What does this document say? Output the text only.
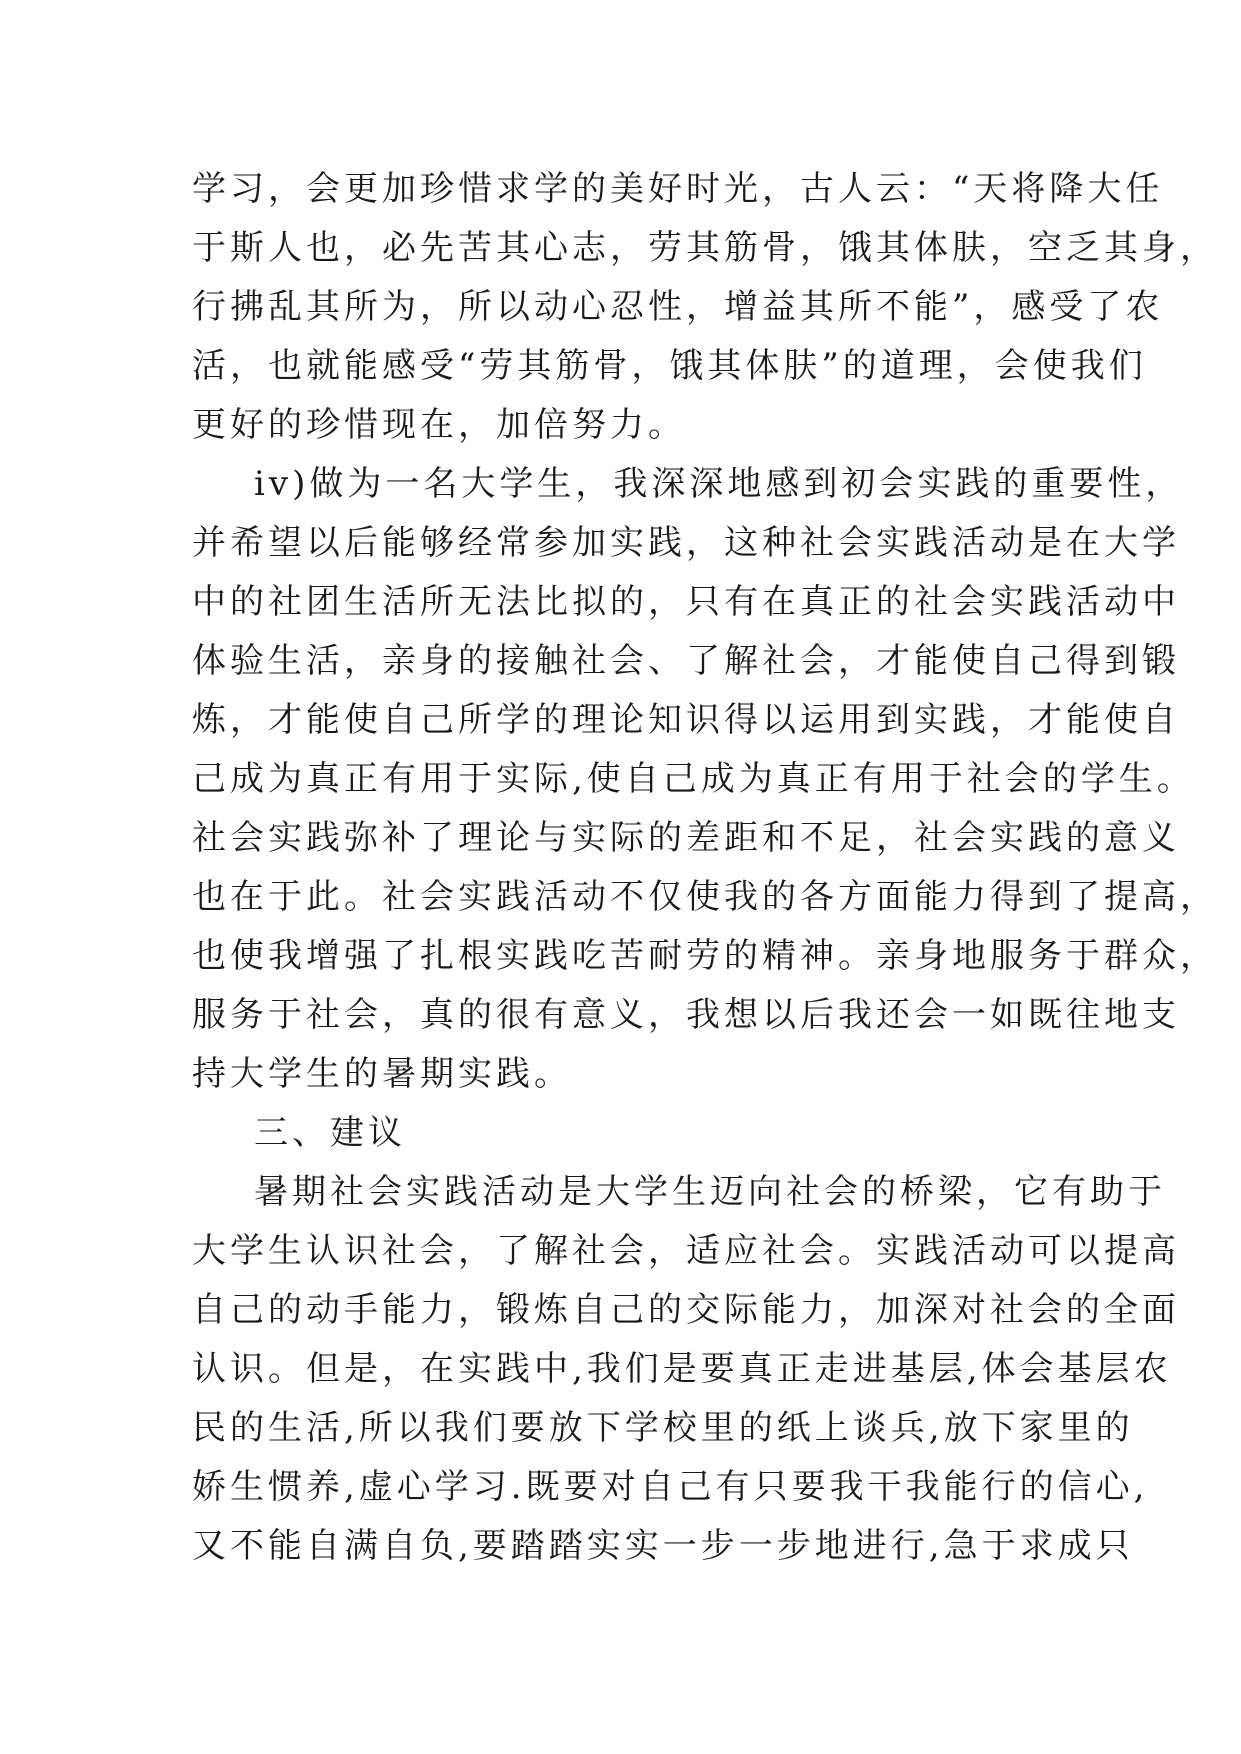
学习，会更加珍惜求学的美好时光，古人云：“天将降大任
于斯人也，必先苦其心志，劳其筋骨，饿其体肤，空乏其身，
行拂乱其所为，所以动心忍性，增益其所不能”，感受了农
活，也就能感受“劳其筋骨，饿其体肤”的道理，会使我们
更好的珍惜现在，加倍努力。
iv)做为一名大学生，我深深地感到初会实践的重要性，
并希望以后能够经常参加实践，这种社会实践活动是在大学
中的社团生活所无法比拟的，只有在真正的社会实践活动中
体验生活，亲身的接触社会、了解社会，才能使自己得到锻
炼，才能使自己所学的理论知识得以运用到实践，才能使自
己成为真正有用于实际,使自己成为真正有用于社会的学生。
社会实践弥补了理论与实际的差距和不足，社会实践的意义
也在于此。社会实践活动不仅使我的各方面能力得到了提高，
也使我增强了扎根实践吃苦耐劳的精神。亲身地服务于群众，
服务于社会，真的很有意义，我想以后我还会一如既往地支
持大学生的暑期实践。
三、建议
暑期社会实践活动是大学生迈向社会的桥梁，它有助于
大学生认识社会，了解社会，适应社会。实践活动可以提高
自己的动手能力，锻炼自己的交际能力，加深对社会的全面
认识。但是，在实践中,我们是要真正走进基层,体会基层农
民的生活,所以我们要放下学校里的纸上谈兵,放下家里的
娇生惯养,虚心学习.既要对自己有只要我干我能行的信心,
又不能自满自负,要踏踏实实一步一步地进行,急于求成只
